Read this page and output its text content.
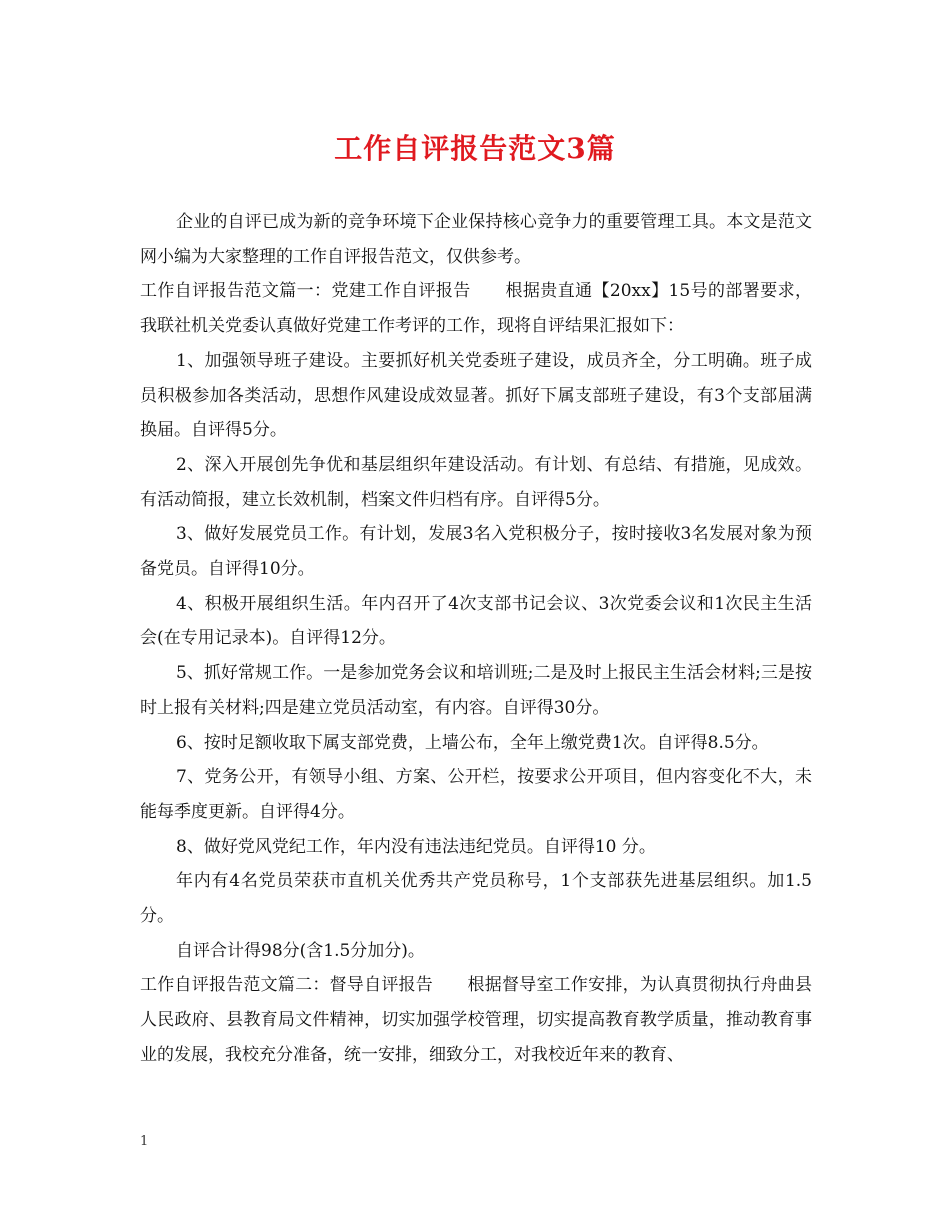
工作自评报告范文3篇

企业的自评已成为新的竞争环境下企业保持核心竞争力的重要管理工具。本文是范文网小编为大家整理的工作自评报告范文，仅供参考。

工作自评报告范文篇一：党建工作自评报告　　根据贵直通【20xx】15号的部署要求，我联社机关党委认真做好党建工作考评的工作，现将自评结果汇报如下：

1、加强领导班子建设。主要抓好机关党委班子建设，成员齐全，分工明确。班子成员积极参加各类活动，思想作风建设成效显著。抓好下属支部班子建设，有3个支部届满换届。自评得5分。

2、深入开展创先争优和基层组织年建设活动。有计划、有总结、有措施，见成效。有活动简报，建立长效机制，档案文件归档有序。自评得5分。

3、做好发展党员工作。有计划，发展3名入党积极分子，按时接收3名发展对象为预备党员。自评得10分。

4、积极开展组织生活。年内召开了4次支部书记会议、3次党委会议和1次民主生活会(在专用记录本)。自评得12分。

5、抓好常规工作。一是参加党务会议和培训班;二是及时上报民主生活会材料;三是按时上报有关材料;四是建立党员活动室，有内容。自评得30分。

6、按时足额收取下属支部党费，上墙公布，全年上缴党费1次。自评得8.5分。

7、党务公开，有领导小组、方案、公开栏，按要求公开项目，但内容变化不大，未能每季度更新。自评得4分。

8、做好党风党纪工作，年内没有违法违纪党员。自评得10 分。

年内有4名党员荣获市直机关优秀共产党员称号，1个支部获先进基层组织。加1.5分。

自评合计得98分(含1.5分加分)。

工作自评报告范文篇二：督导自评报告　　根据督导室工作安排，为认真贯彻执行舟曲县人民政府、县教育局文件精神，切实加强学校管理，切实提高教育教学质量，推动教育事业的发展，我校充分准备，统一安排，细致分工，对我校近年来的教育、

1
